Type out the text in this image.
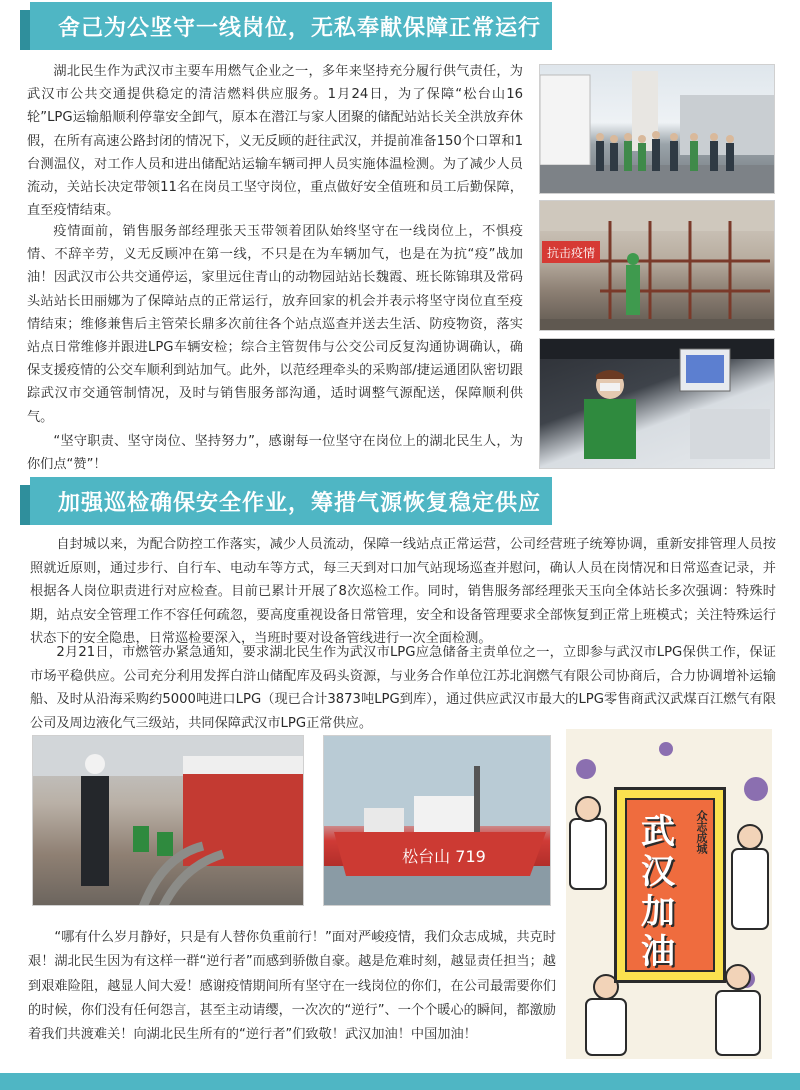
舍己为公坚守一线岗位，无私奉献保障正常运行

湖北民生作为武汉市主要车用燃气企业之一，多年来坚持充分履行供气责任，为武汉市公共交通提供稳定的清洁燃料供应服务。1月24日，为了保障“松台山16轮”LPG运输船顺利停靠安全卸气，原本在潜江与家人团聚的储配站站长关全洪放弃休假，在所有高速公路封闭的情况下，义无反顾的赶往武汉，并提前准备150个口罩和1台测温仪，对工作人员和进出储配站运输车辆司押人员实施体温检测。为了减少人员流动，关站长决定带领11名在岗员工坚守岗位，重点做好安全值班和员工后勤保障，直至疫情结束。

疫情面前，销售服务部经理张天玉带领着团队始终坚守在一线岗位上，不惧疫情、不辞辛劳，义无反顾冲在第一线，不只是在为车辆加气，也是在为抗“疫”战加油！因武汉市公共交通停运，家里远住青山的动物园站站长魏霞、班长陈锦琪及常码头站站长田丽娜为了保障站点的正常运行，放弃回家的机会并表示将坚守岗位直至疫情结束；维修兼售后主管荣长鼎多次前往各个站点巡查并送去生活、防疫物资，落实站点日常维修并跟进LPG车辆安检；综合主管贺伟与公交公司反复沟通协调确认，确保支援疫情的公交车顺利到站加气。此外，以范经理牵头的采购部/捷运通团队密切跟踪武汉市交通管制情况，及时与销售服务部沟通，适时调整气源配送，保障顺利供气。

“坚守职责、坚守岗位、坚持努力”，感谢每一位坚守在岗位上的湖北民生人，为你们点“赞”！

抗击疫情
加强巡检确保安全作业，筹措气源恢复稳定供应

自封城以来，为配合防控工作落实，减少人员流动，保障一线站点正常运营，公司经营班子统筹协调，重新安排管理人员按照就近原则，通过步行、自行车、电动车等方式，每三天到对口加气站现场巡查并慰问，确认人员在岗情况和日常巡查记录，并根据各人岗位职责进行对应检查。目前已累计开展了8次巡检工作。同时，销售服务部经理张天玉向全体站长多次强调：特殊时期，站点安全管理工作不容任何疏忽，要高度重视设备日常管理，安全和设备管理要求全部恢复到正常上班模式；关注特殊运行状态下的安全隐患，日常巡检要深入，当班时要对设备管线进行一次全面检测。

2月21日，市燃管办紧急通知，要求湖北民生作为武汉市LPG应急储备主责单位之一，立即参与武汉市LPG保供工作，保证市场平稳供应。公司充分利用发挥白浒山储配库及码头资源，与业务合作单位江苏北润燃气有限公司协商后，合力协调增补运输船、及时从沿海采购约5000吨进口LPG（现已合计3873吨LPG到库），通过供应武汉市最大的LPG零售商武汉武煤百江燃气有限公司及周边液化气三级站，共同保障武汉市LPG正常供应。

松台山 719
众志成城
武汉加油

“哪有什么岁月静好，只是有人替你负重前行！”面对严峻疫情，我们众志成城，共克时艰！湖北民生因为有这样一群“逆行者”而感到骄傲自豪。越是危难时刻，越显责任担当；越到艰难险阻，越显人间大爱！感谢疫情期间所有坚守在一线岗位的你们，在公司最需要你们的时候，你们没有任何怨言，甚至主动请缨，一次次的“逆行”、一个个暖心的瞬间，都激励着我们共渡难关！向湖北民生所有的“逆行者”们致敬！武汉加油！中国加油！
